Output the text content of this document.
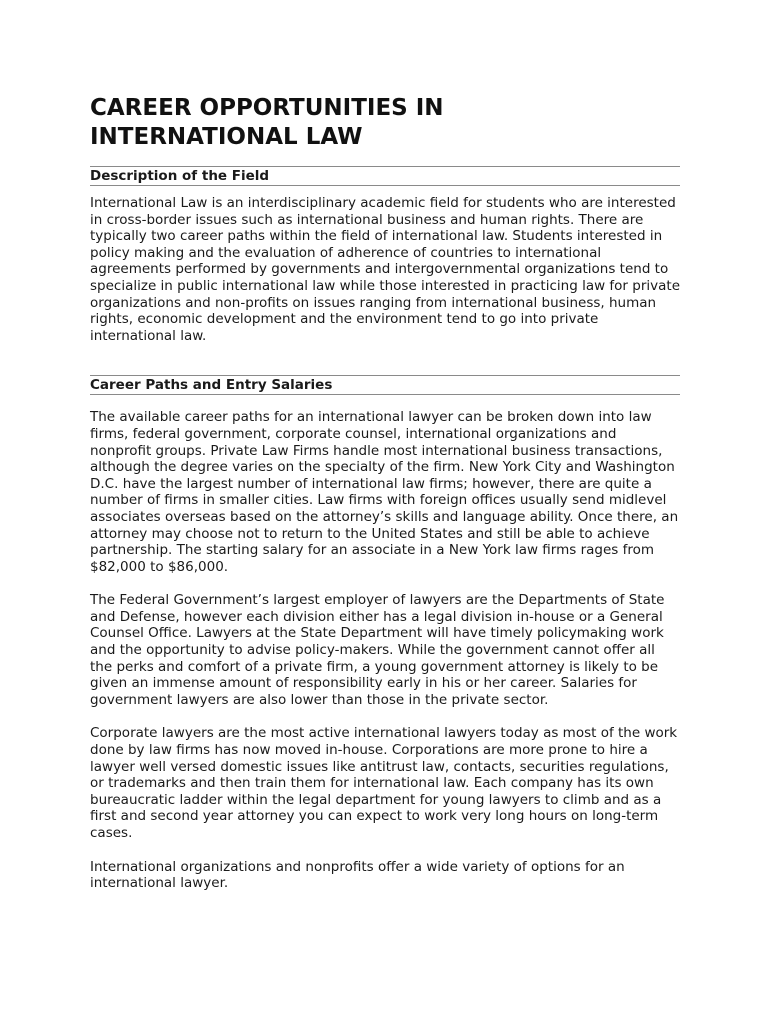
CAREER OPPORTUNITIES IN
INTERNATIONAL LAW
Description of the Field

International Law is an interdisciplinary academic field for students who are interested in cross-border issues such as international business and human rights. There are typically two career paths within the field of international law. Students interested in policy making and the evaluation of adherence of countries to international agreements performed by governments and intergovernmental organizations tend to specialize in public international law while those interested in practicing law for private organizations and non-profits on issues ranging from international business, human rights, economic development and the environment tend to go into private international law.

Career Paths and Entry Salaries

The available career paths for an international lawyer can be broken down into law firms, federal government, corporate counsel, international organizations and nonprofit groups. Private Law Firms handle most international business transactions, although the degree varies on the specialty of the firm. New York City and Washington D.C. have the largest number of international law firms; however, there are quite a number of firms in smaller cities. Law firms with foreign offices usually send midlevel associates overseas based on the attorney’s skills and language ability. Once there, an attorney may choose not to return to the United States and still be able to achieve partnership. The starting salary for an associate in a New York law firms rages from $82,000 to $86,000.

The Federal Government’s largest employer of lawyers are the Departments of State and Defense, however each division either has a legal division in-house or a General Counsel Office. Lawyers at the State Department will have timely policymaking work and the opportunity to advise policy-makers. While the government cannot offer all the perks and comfort of a private firm, a young government attorney is likely to be given an immense amount of responsibility early in his or her career. Salaries for government lawyers are also lower than those in the private sector.

Corporate lawyers are the most active international lawyers today as most of the work done by law firms has now moved in-house. Corporations are more prone to hire a lawyer well versed domestic issues like antitrust law, contacts, securities regulations, or trademarks and then train them for international law. Each company has its own bureaucratic ladder within the legal department for young lawyers to climb and as a first and second year attorney you can expect to work very long hours on long-term cases.

International organizations and nonprofits offer a wide variety of options for an international lawyer.
